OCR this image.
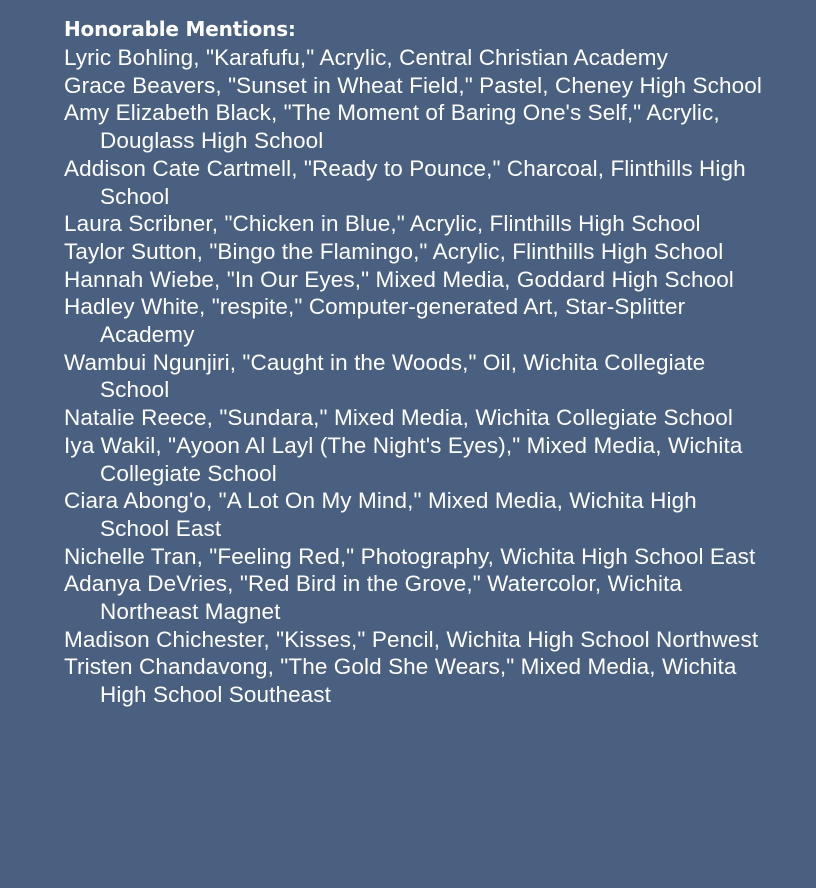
Honorable Mentions:

Lyric Bohling, "Karafufu," Acrylic, Central Christian Academy

Grace Beavers, "Sunset in Wheat Field," Pastel, Cheney High School

Amy Elizabeth Black, "The Moment of Baring One's Self," Acrylic, Douglass High School

Addison Cate Cartmell, "Ready to Pounce," Charcoal, Flinthills High School

Laura Scribner, "Chicken in Blue," Acrylic, Flinthills High School

Taylor Sutton, "Bingo the Flamingo," Acrylic, Flinthills High School

Hannah Wiebe, "In Our Eyes," Mixed Media, Goddard High School

Hadley White, "respite," Computer-generated Art, Star-Splitter Academy

Wambui Ngunjiri, "Caught in the Woods," Oil, Wichita Collegiate School

Natalie Reece, "Sundara," Mixed Media, Wichita Collegiate School

Iya Wakil, "Ayoon Al Layl (The Night's Eyes)," Mixed Media, Wichita Collegiate School

Ciara Abong'o, "A Lot On My Mind," Mixed Media, Wichita High School East

Nichelle Tran, "Feeling Red," Photography, Wichita High School East

Adanya DeVries, "Red Bird in the Grove," Watercolor, Wichita Northeast Magnet

Madison Chichester, "Kisses," Pencil, Wichita High School Northwest

Tristen Chandavong, "The Gold She Wears," Mixed Media, Wichita High School Southeast
